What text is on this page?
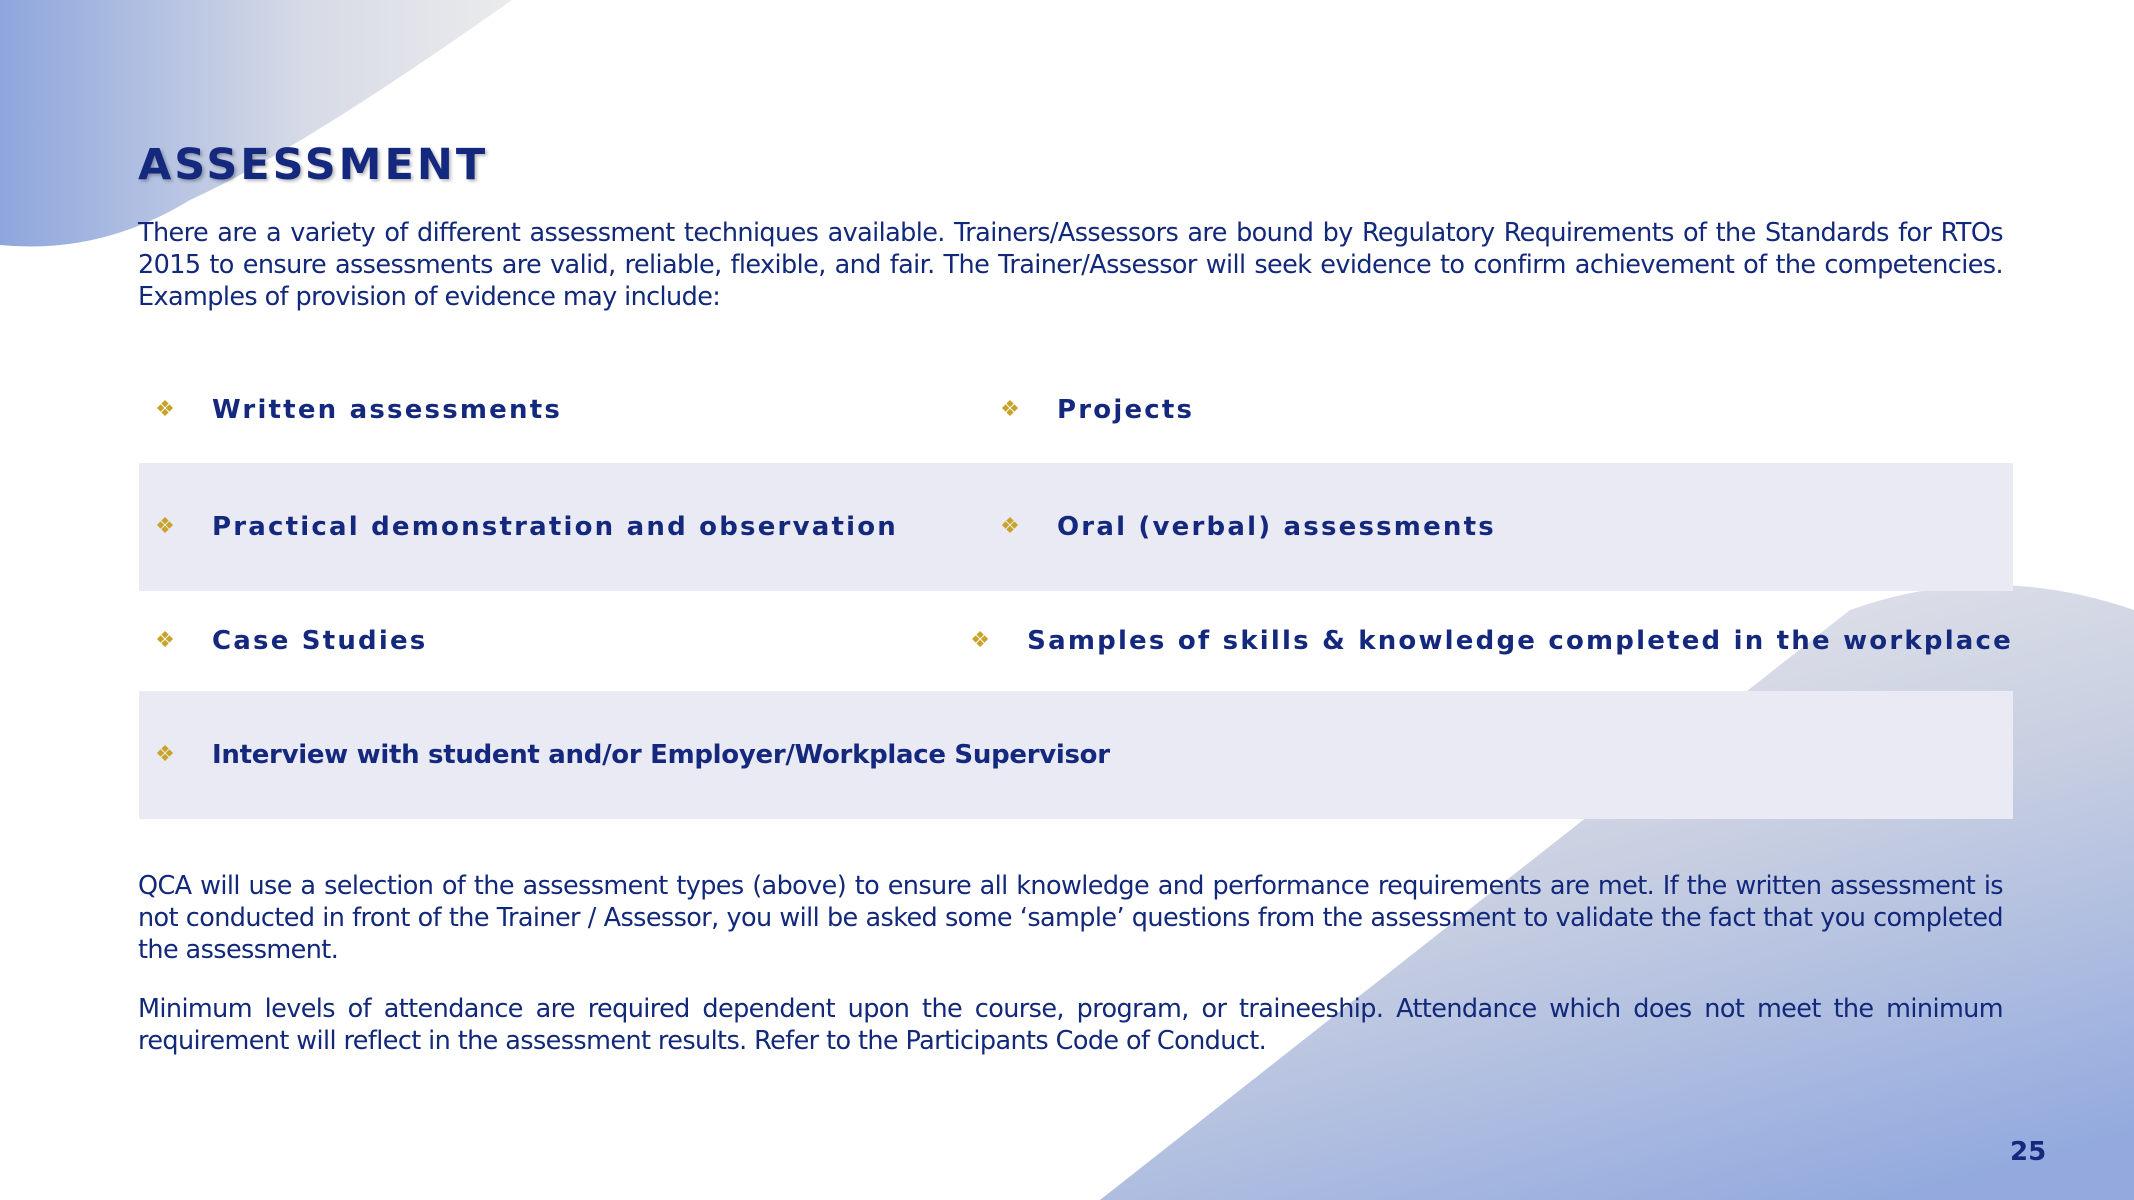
ASSESSMENT
There are a variety of different assessment techniques available. Trainers/Assessors are bound by Regulatory Requirements of the Standards for RTOs 2015 to ensure assessments are valid, reliable, flexible, and fair. The Trainer/Assessor will seek evidence to confirm achievement of the competencies. Examples of provision of evidence may include:
❖ Written assessments	❖ Projects
❖ Practical demonstration and observation	❖ Oral (verbal) assessments
❖ Case Studies	❖ Samples of skills & knowledge completed in the workplace
❖ Interview with student and/or Employer/Workplace Supervisor
QCA will use a selection of the assessment types (above) to ensure all knowledge and performance requirements are met. If the written assessment is not conducted in front of the Trainer / Assessor, you will be asked some ‘sample’ questions from the assessment to validate the fact that you completed the assessment.
Minimum levels of attendance are required dependent upon the course, program, or traineeship. Attendance which does not meet the minimum requirement will reflect in the assessment results. Refer to the Participants Code of Conduct.
25
